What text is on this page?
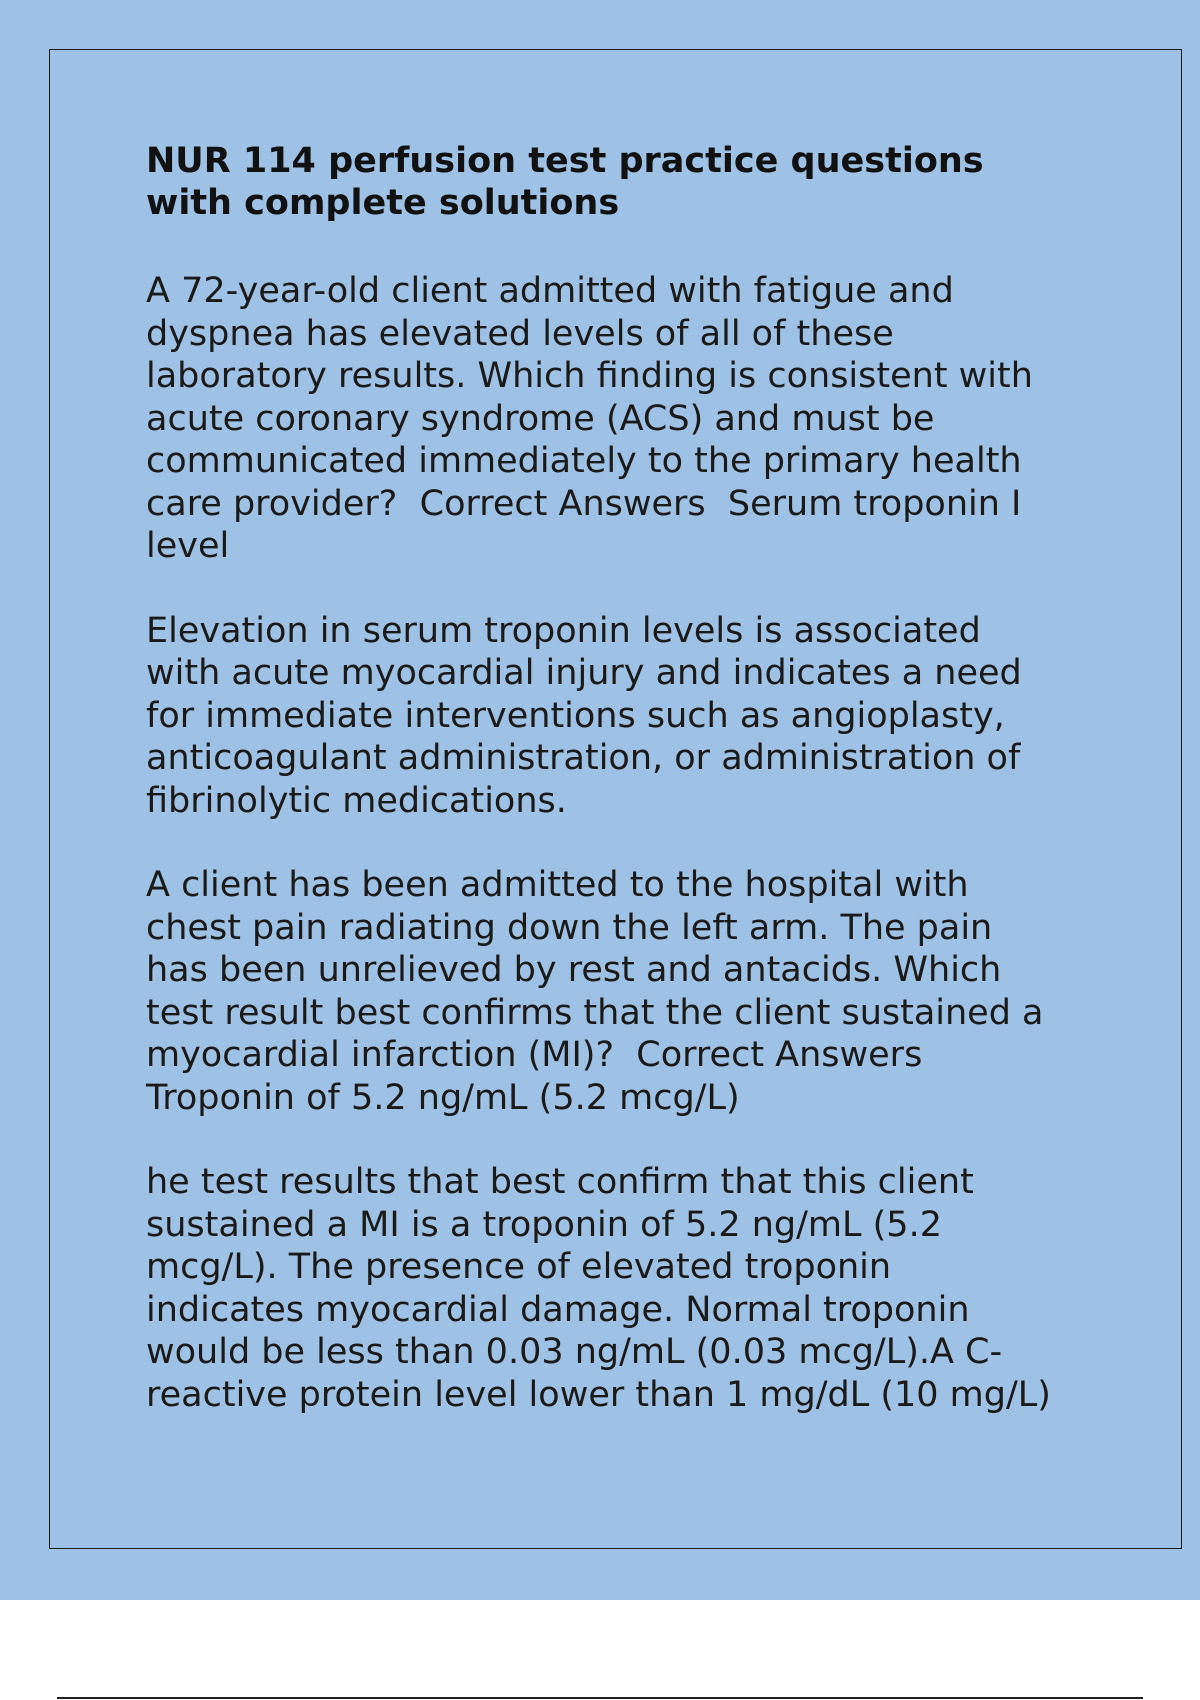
NUR 114 perfusion test practice questions
with complete solutions

A 72-year-old client admitted with fatigue and
dyspnea has elevated levels of all of these
laboratory results. Which finding is consistent with
acute coronary syndrome (ACS) and must be
communicated immediately to the primary health
care provider?  Correct Answers  Serum troponin I
level

Elevation in serum troponin levels is associated
with acute myocardial injury and indicates a need
for immediate interventions such as angioplasty,
anticoagulant administration, or administration of
fibrinolytic medications.

A client has been admitted to the hospital with
chest pain radiating down the left arm. The pain
has been unrelieved by rest and antacids. Which
test result best confirms that the client sustained a
myocardial infarction (MI)?  Correct Answers
Troponin of 5.2 ng/mL (5.2 mcg/L)

he test results that best confirm that this client
sustained a MI is a troponin of 5.2 ng/mL (5.2
mcg/L). The presence of elevated troponin
indicates myocardial damage. Normal troponin
would be less than 0.03 ng/mL (0.03 mcg/L).A C-
reactive protein level lower than 1 mg/dL (10 mg/L)
